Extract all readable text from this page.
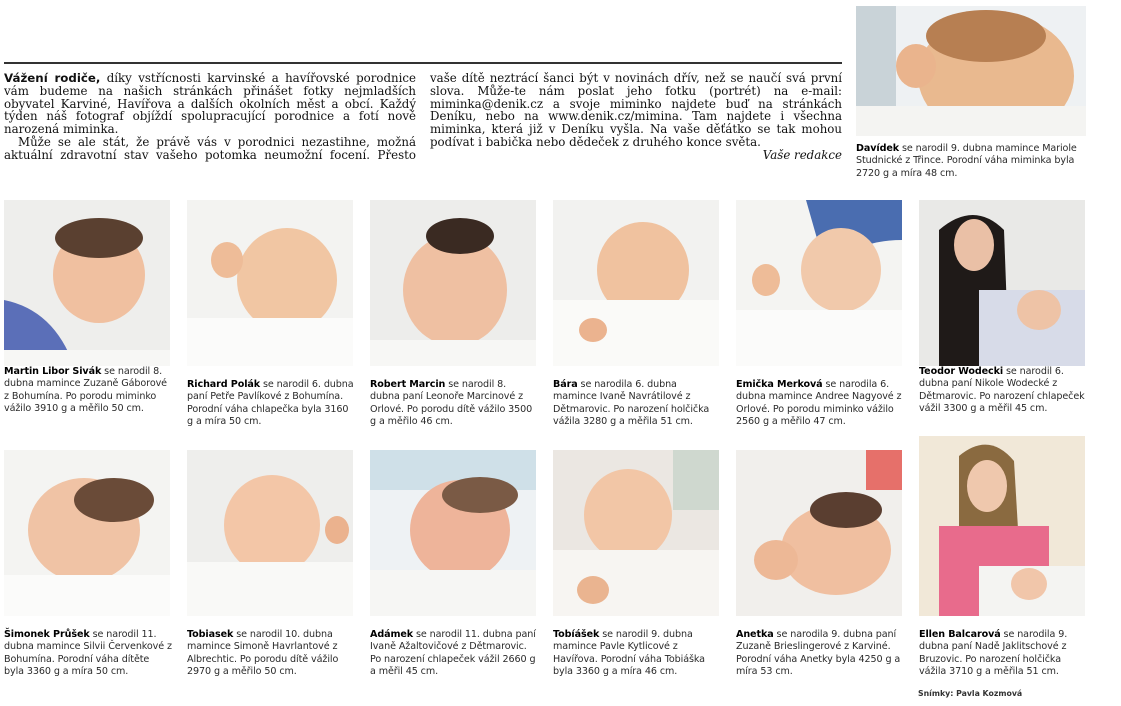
Vážení rodiče, díky vstřícnosti karvinské a havířovské porodnice vám budeme na našich stránkách přinášet fotky nejmladších obyvatel Karviné, Havířova a dalších okolních měst a obcí. Každý týden náš fotograf objíždí spolupracující porodnice a fotí nově narozená miminka.

Může se ale stát, že právě vás v porodnici nezastihne, možná aktuální zdravotní stav vašeho potomka neumožní focení. Přesto vaše dítě neztrácí šanci být v novinách dřív, než se naučí svá první slova. Může-te nám poslat jeho fotku (portrét) na e-mail: miminka@denik.cz a svoje miminko najdete buď na stránkách Deníku, nebo na www.denik.cz/mimina. Tam najdete i všechna miminka, která již v Deníku vyšla. Na vaše děťátko se tak mohou podívat i babička nebo dědeček z druhého konce světa.
Vaše redakce Davídek se narodil 9. dubna mamince Mariole Studnické z Třince. Porodní váha miminka byla 2720 g a míra 48 cm.
Martin Libor Sivák se narodil 8. dubna mamince Zuzaně Gáborové z Bohumína. Po porodu miminko vážilo 3910 g a měřilo 50 cm.
Richard Polák se narodil 6. dubna paní Petře Pavlíkové z Bohumína. Porodní váha chlapečka byla 3160 g a míra 50 cm.
Robert Marcin se narodil 8. dubna paní Leonoře Marcinové z Orlové. Po porodu dítě vážilo 3500 g a měřilo 46 cm.
Bára se narodila 6. dubna mamince Ivaně Navrátilové z Dětmarovic. Po narození holčička vážila 3280 g a měřila 51 cm.
Emička Merková se narodila 6. dubna mamince Andree Nagyové z Orlové. Po porodu miminko vážilo 2560 g a měřilo 47 cm.
Teodor Wodecki se narodil 6. dubna paní Nikole Wodecké z Dětmarovic. Po narození chlapeček vážil 3300 g a měřil 45 cm.
Šimonek Průšek se narodil 11. dubna mamince Silvii Červenkové z Bohumína. Porodní váha dítěte byla 3360 g a míra 50 cm.
Tobiasek se narodil 10. dubna mamince Simoně Havrlantové z Albrechtic. Po porodu dítě vážilo 2970 g a měřilo 50 cm.
Adámek se narodil 11. dubna paní Ivaně Ažaltovičové z Dětmarovic. Po narození chlapeček vážil 2660 g a měřil 45 cm.
Tobíášek se narodil 9. dubna mamince Pavle Kytlicové z Havířova. Porodní váha Tobiáška byla 3360 g a míra 46 cm.
Anetka se narodila 9. dubna paní Zuzaně Brieslingerové z Karviné. Porodní váha Anetky byla 4250 g a míra 53 cm.
Ellen Balcarová se narodila 9. dubna paní Nadě Jaklitschové z Bruzovic. Po narození holčička vážila 3710 g a měřila 51 cm.
Snímky: Pavla Kozmová
